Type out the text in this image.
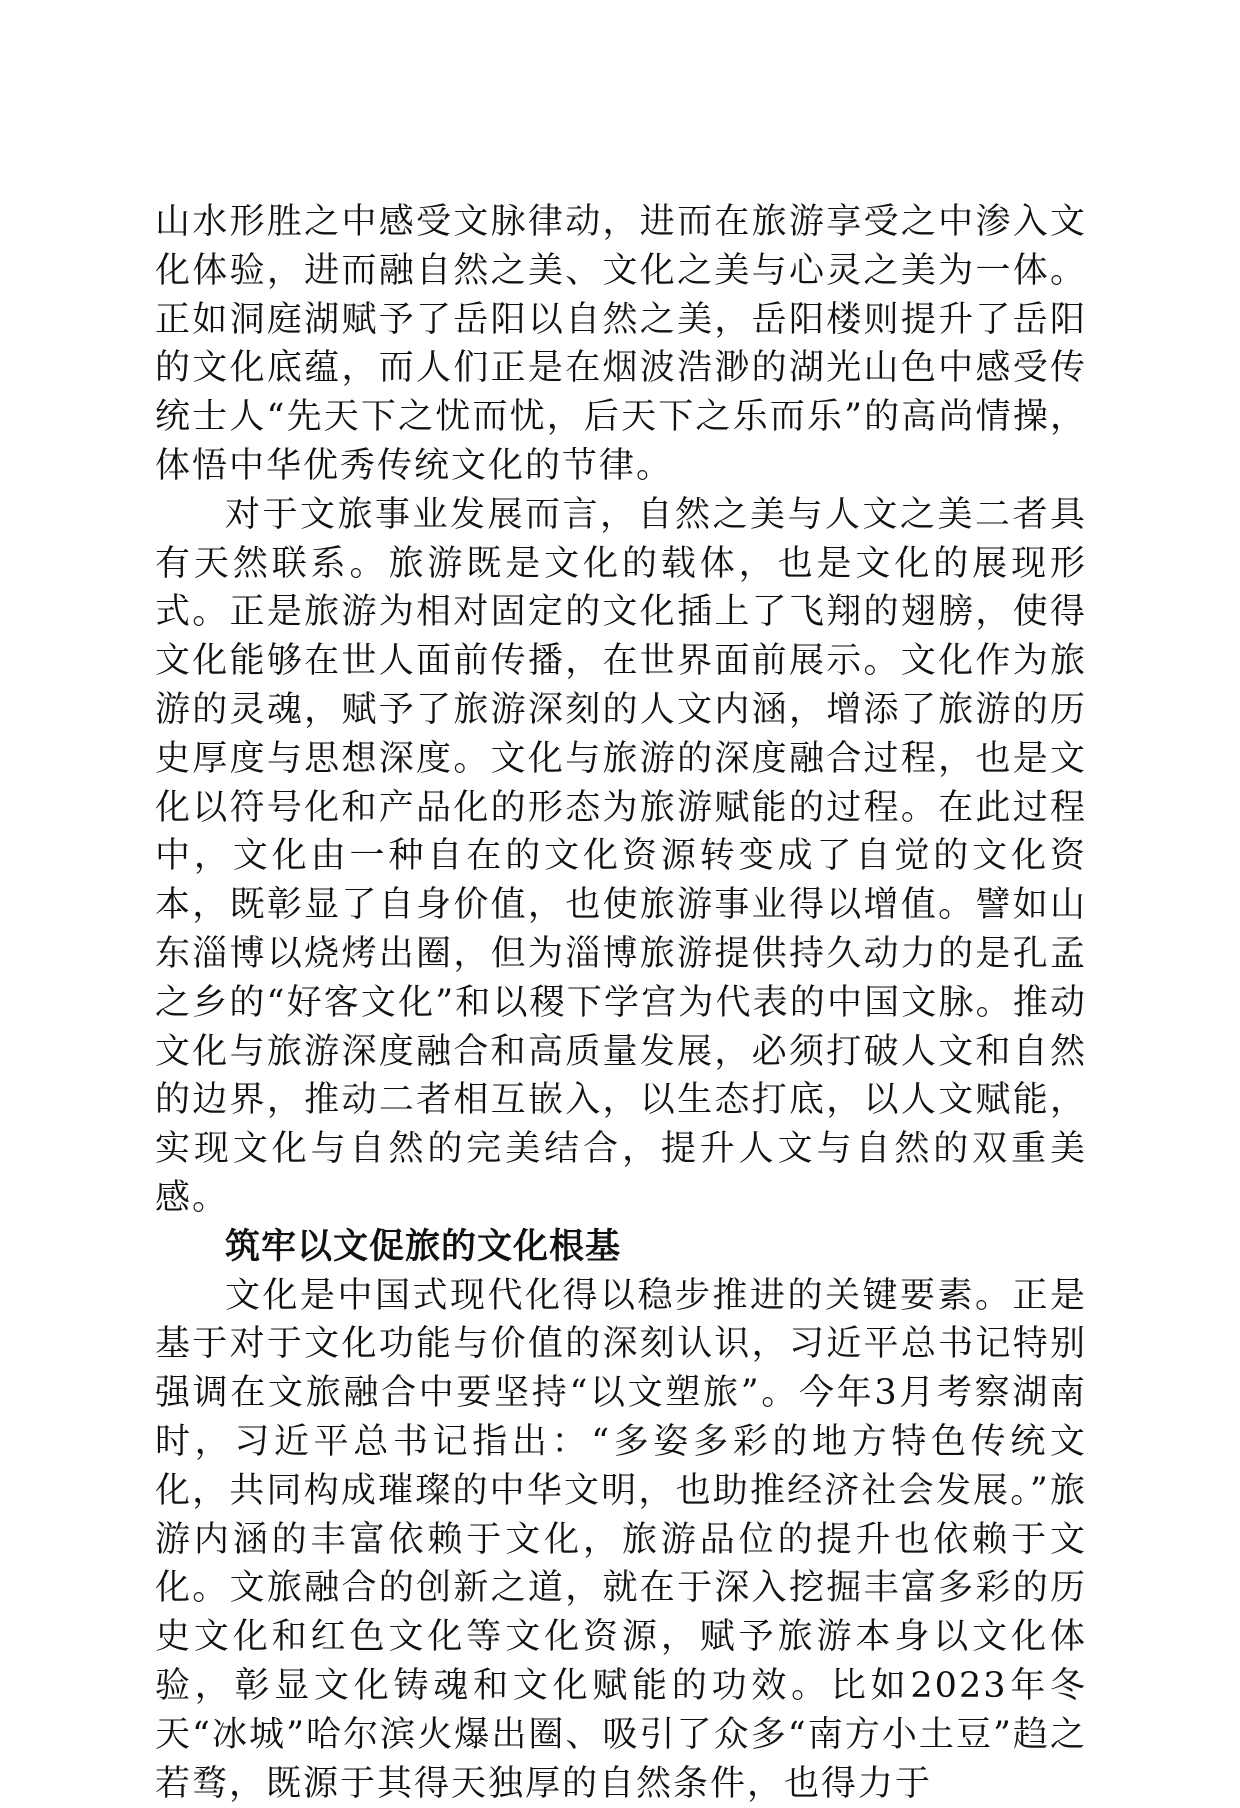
山水形胜之中感受文脉律动，进而在旅游享受之中渗入文化体验，进而融自然之美、文化之美与心灵之美为一体。正如洞庭湖赋予了岳阳以自然之美，岳阳楼则提升了岳阳的文化底蕴，而人们正是在烟波浩渺的湖光山色中感受传统士人“先天下之忧而忧，后天下之乐而乐”的高尚情操，体悟中华优秀传统文化的节律。

对于文旅事业发展而言，自然之美与人文之美二者具有天然联系。旅游既是文化的载体，也是文化的展现形式。正是旅游为相对固定的文化插上了飞翔的翅膀，使得文化能够在世人面前传播，在世界面前展示。文化作为旅游的灵魂，赋予了旅游深刻的人文内涵，增添了旅游的历史厚度与思想深度。文化与旅游的深度融合过程，也是文化以符号化和产品化的形态为旅游赋能的过程。在此过程中，文化由一种自在的文化资源转变成了自觉的文化资本，既彰显了自身价值，也使旅游事业得以增值。譬如山东淄博以烧烤出圈，但为淄博旅游提供持久动力的是孔孟之乡的“好客文化”和以稷下学宫为代表的中国文脉。推动文化与旅游深度融合和高质量发展，必须打破人文和自然的边界，推动二者相互嵌入，以生态打底，以人文赋能，实现文化与自然的完美结合，提升人文与自然的双重美感。

筑牢以文促旅的文化根基

文化是中国式现代化得以稳步推进的关键要素。正是基于对于文化功能与价值的深刻认识，习近平总书记特别强调在文旅融合中要坚持“以文塑旅”。今年3月考察湖南时，习近平总书记指出：“多姿多彩的地方特色传统文化，共同构成璀璨的中华文明，也助推经济社会发展。”旅游内涵的丰富依赖于文化，旅游品位的提升也依赖于文化。文旅融合的创新之道，就在于深入挖掘丰富多彩的历史文化和红色文化等文化资源，赋予旅游本身以文化体验，彰显文化铸魂和文化赋能的功效。比如2023年冬天“冰城”哈尔滨火爆出圈、吸引了众多“南方小土豆”趋之若骛，既源于其得天独厚的自然条件，也得力于
